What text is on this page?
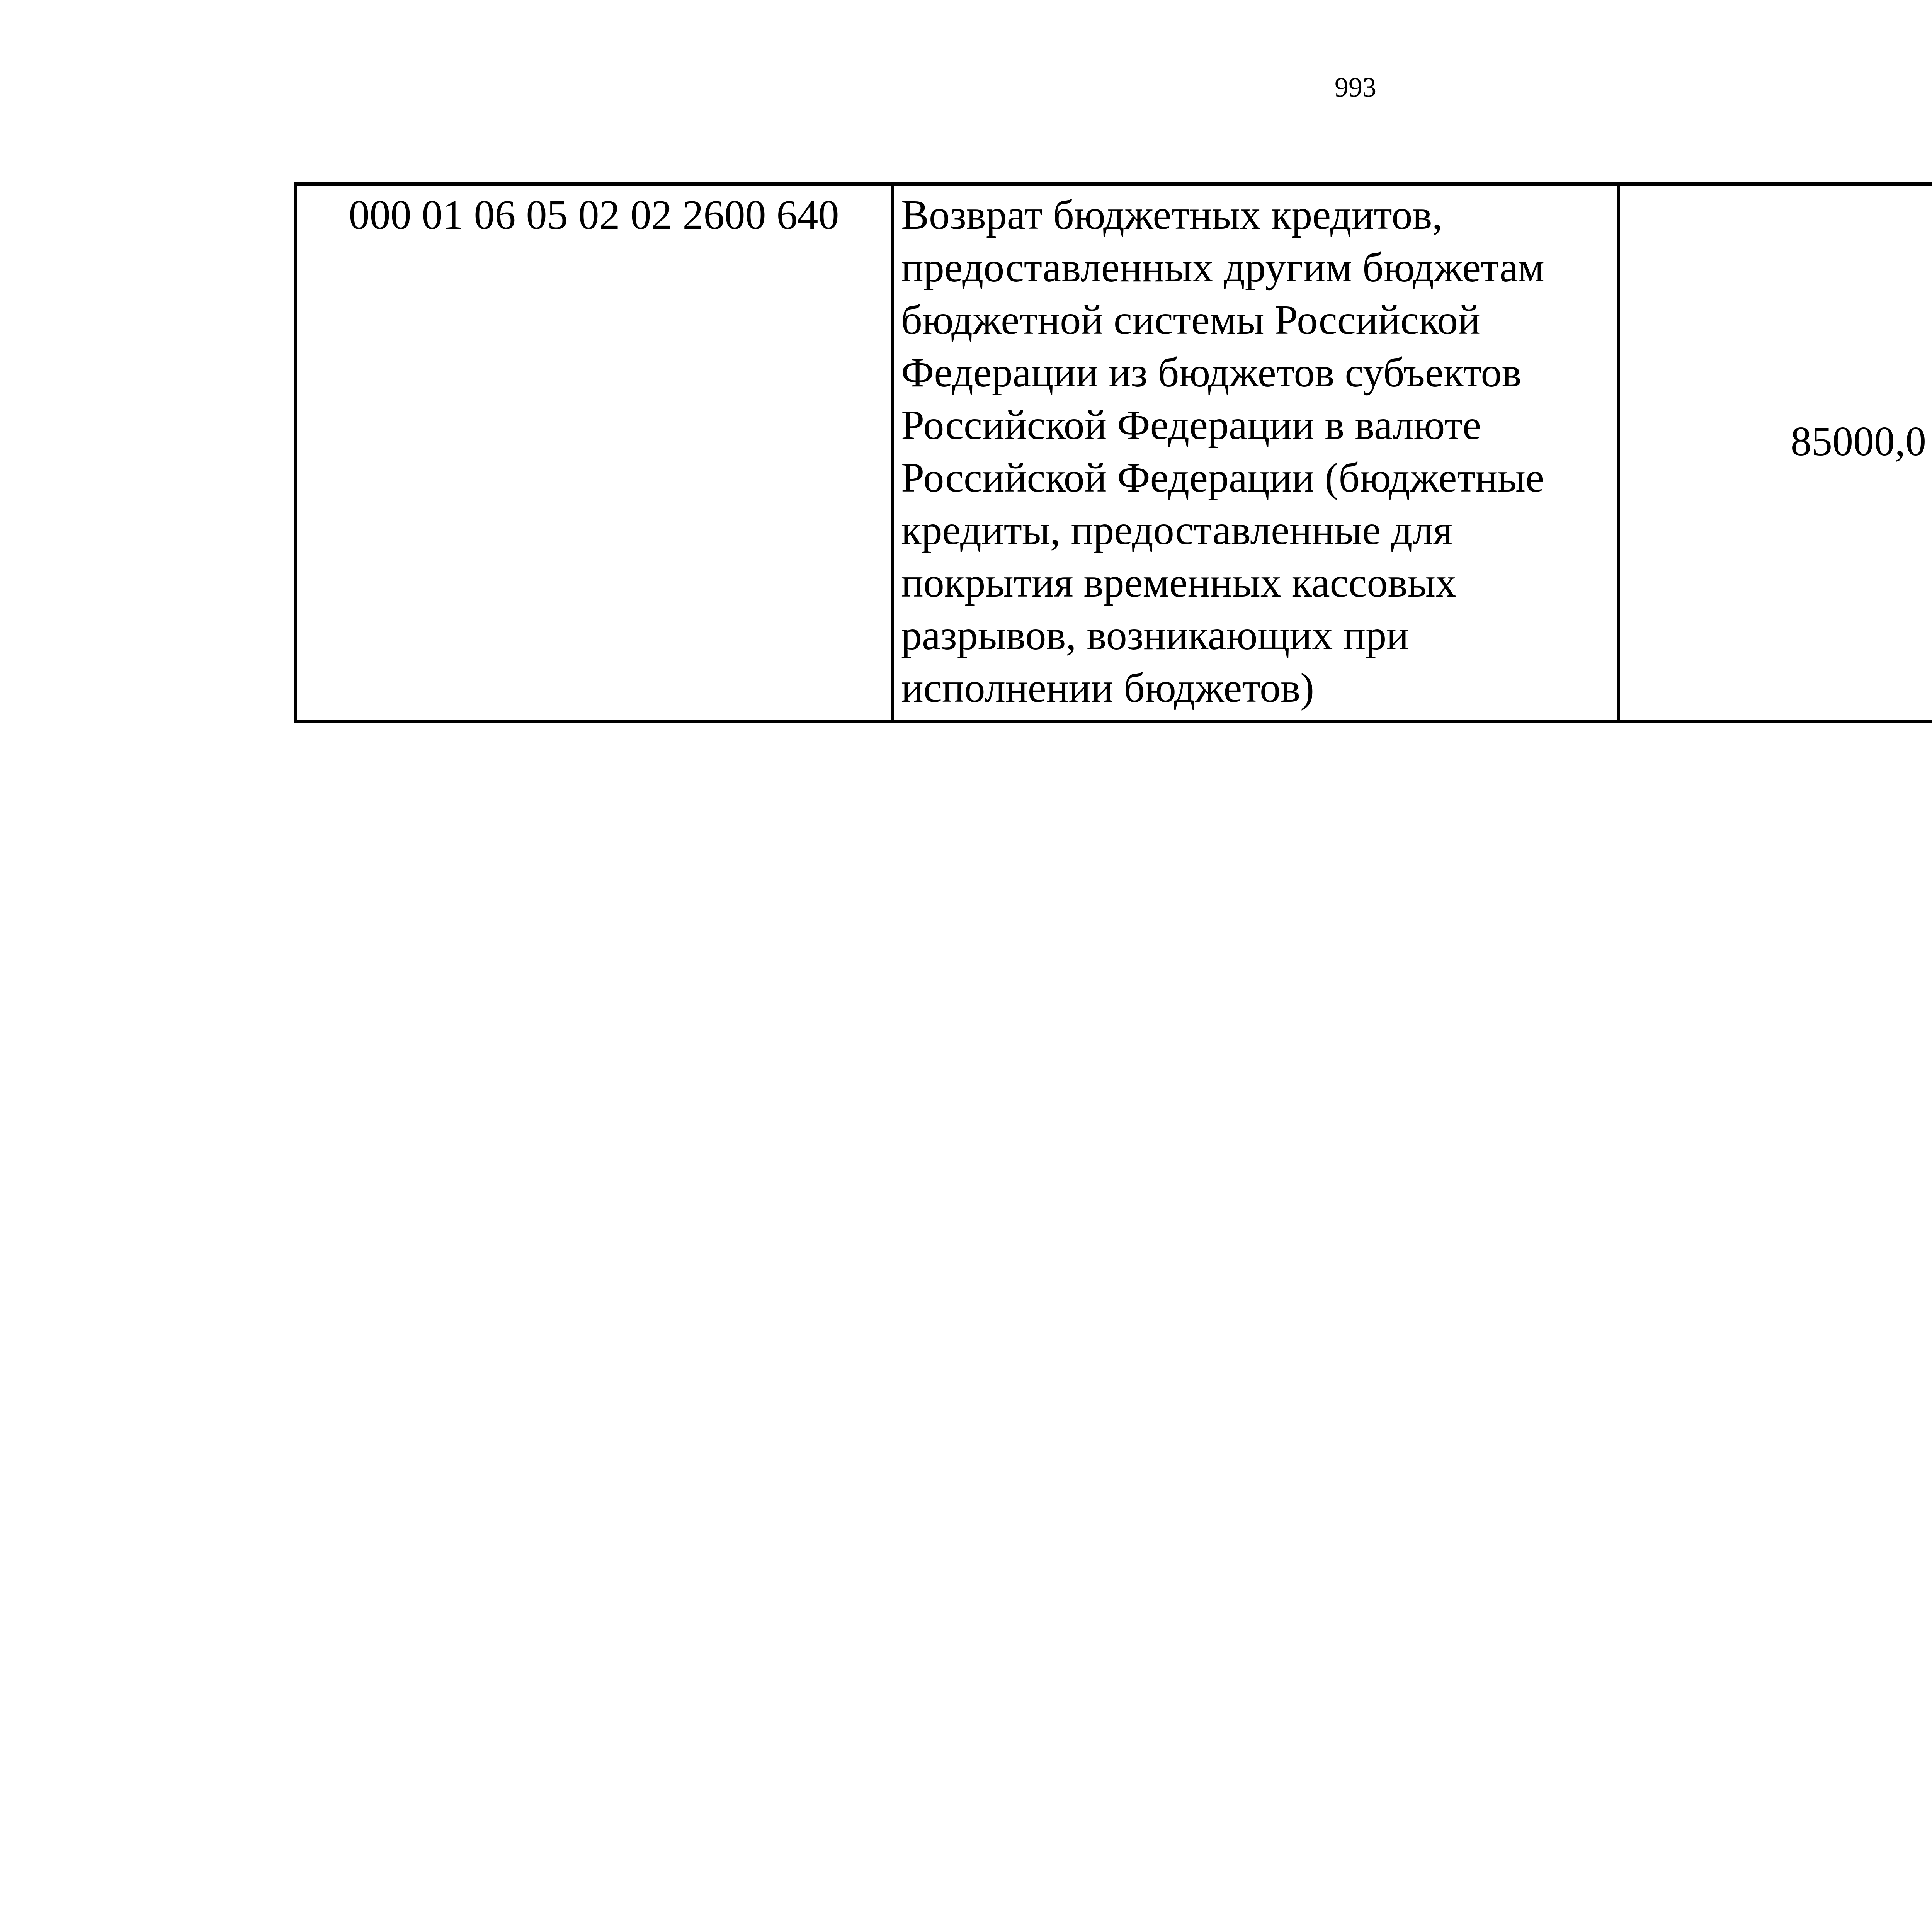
993
000 01 06 05 02 02 2600 640	Возврат бюджетных кредитов, предоставленных другим бюджетам бюджетной системы Российской Федерации из бюджетов субъектов Российской Федерации в валюте Российской Федерации (бюджетные кредиты, предоставленные для покрытия временных кассовых разрывов, возникающих при исполнении бюджетов)	85000,0		
